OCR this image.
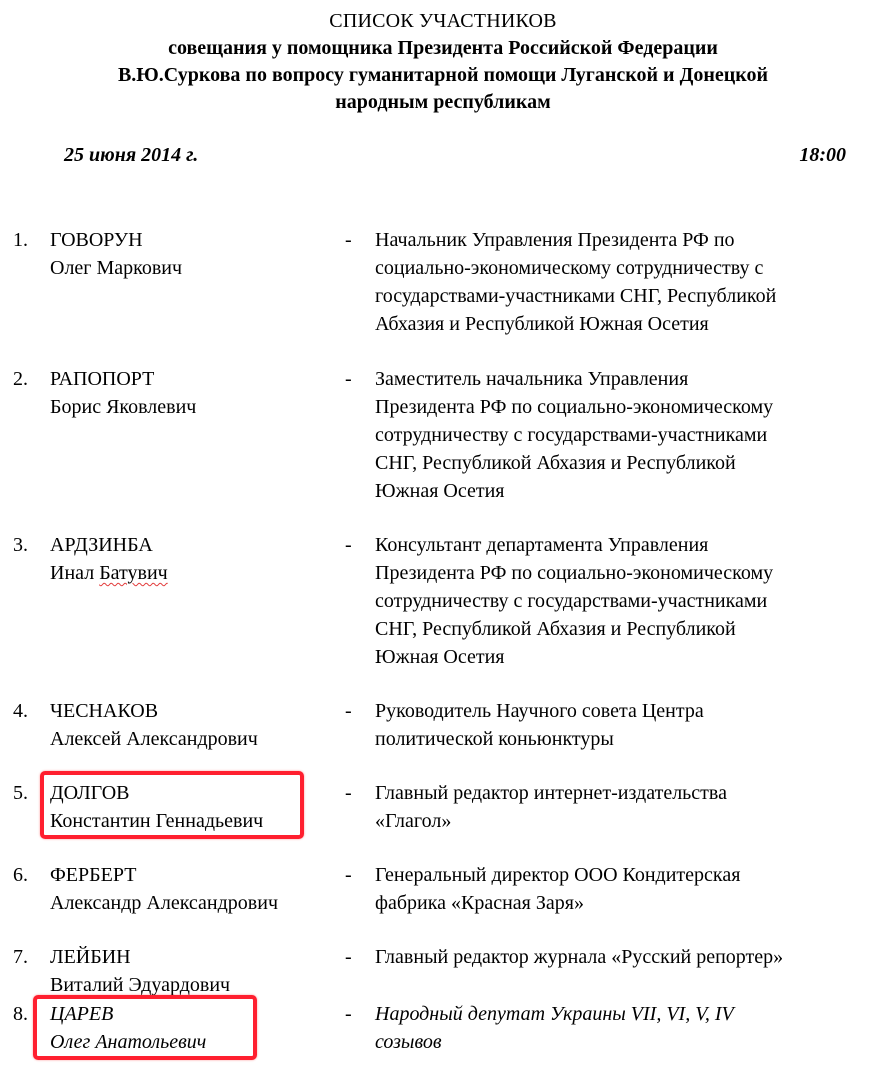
СПИСОК УЧАСТНИКОВ
совещания у помощника Президента Российской Федерации
В.Ю.Суркова по вопросу гуманитарной помощи Луганской и Донецкой
народным республикам
25 июня 2014 г.	18:00
1. ГОВОРУН
Олег Маркович
- Начальник Управления Президента РФ по
социально-экономическому сотрудничеству с
государствами-участниками СНГ, Республикой
Абхазия и Республикой Южная Осетия
2. РАПОПОРТ
Борис Яковлевич
- Заместитель начальника Управления
Президента РФ по социально-экономическому
сотрудничеству с государствами-участниками
СНГ, Республикой Абхазия и Республикой
Южная Осетия
3. АРДЗИНБА
Инал Батувич
- Консультант департамента Управления
Президента РФ по социально-экономическому
сотрудничеству с государствами-участниками
СНГ, Республикой Абхазия и Республикой
Южная Осетия
4. ЧЕСНАКОВ
Алексей Александрович
- Руководитель Научного совета Центра
политической коньюнктуры
5. ДОЛГОВ
Константин Геннадьевич
- Главный редактор интернет-издательства
«Глагол»
6. ФЕРБЕРТ
Александр Александрович
- Генеральный директор ООО Кондитерская
фабрика «Красная Заря»
7. ЛЕЙБИН
Виталий Эдуардович
- Главный редактор журнала «Русский репортер»
8. ЦАРЕВ
Олег Анатольевич
- Народный депутат Украины VII, VI, V, IV
созывов
